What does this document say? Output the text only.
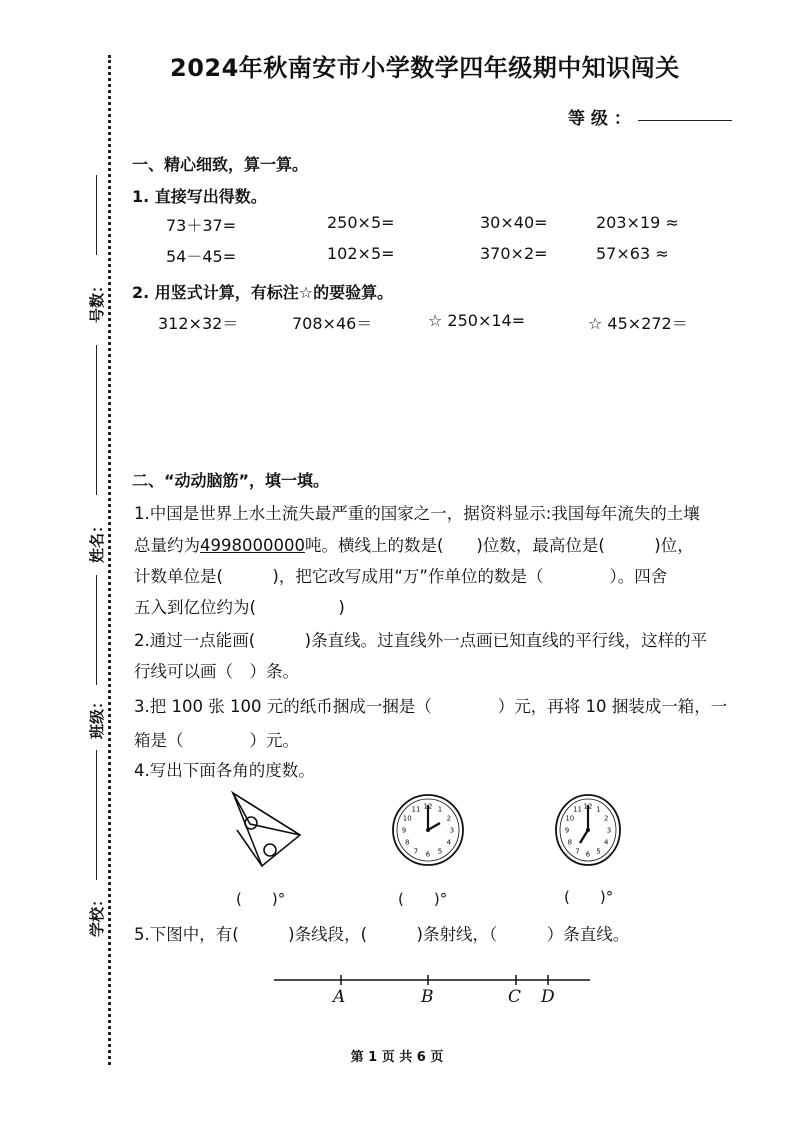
号数：
姓名：
班级：
学校：
2024年秋南安市小学数学四年级期中知识闯关
等 级 ：
一、精心细致，算一算。
1. 直接写出得数。
73＋37=	250×5=	30×40=	203×19 ≈
54－45=	102×5=	370×2=	57×63 ≈
2. 用竖式计算，有标注☆的要验算。
312×32＝	708×46＝	☆ 250×14=	☆ 45×272＝
二、“动动脑筋”，填一填。
1.中国是世界上水土流失最严重的国家之一，据资料显示:我国每年流失的土壤
总量约为4998000000吨。横线上的数是(　　)位数，最高位是(　　　)位，
计数单位是(　　　)，把它改写成用“万”作单位的数是（　　　　）。四舍
五入到亿位约为(　　　　　)
2.通过一点能画(　　　)条直线。过直线外一点画已知直线的平行线，这样的平
行线可以画（　）条。
3.把 100 张 100 元的纸币捆成一捆是（　　　　）元，再将 10 捆装成一箱，一
箱是（　　　　）元。
4.写出下面各角的度数。
1
2
3
4
5
6
7
8
9
10
11 12	1
2
3
4
5
6
7
8
9
10
11 12
(　　)°	(　　)°	(　　)°
5.下图中，有(　　　)条线段，(　　　)条射线，（　　　）条直线。
A	B	C D
第 1 页 共 6 页
